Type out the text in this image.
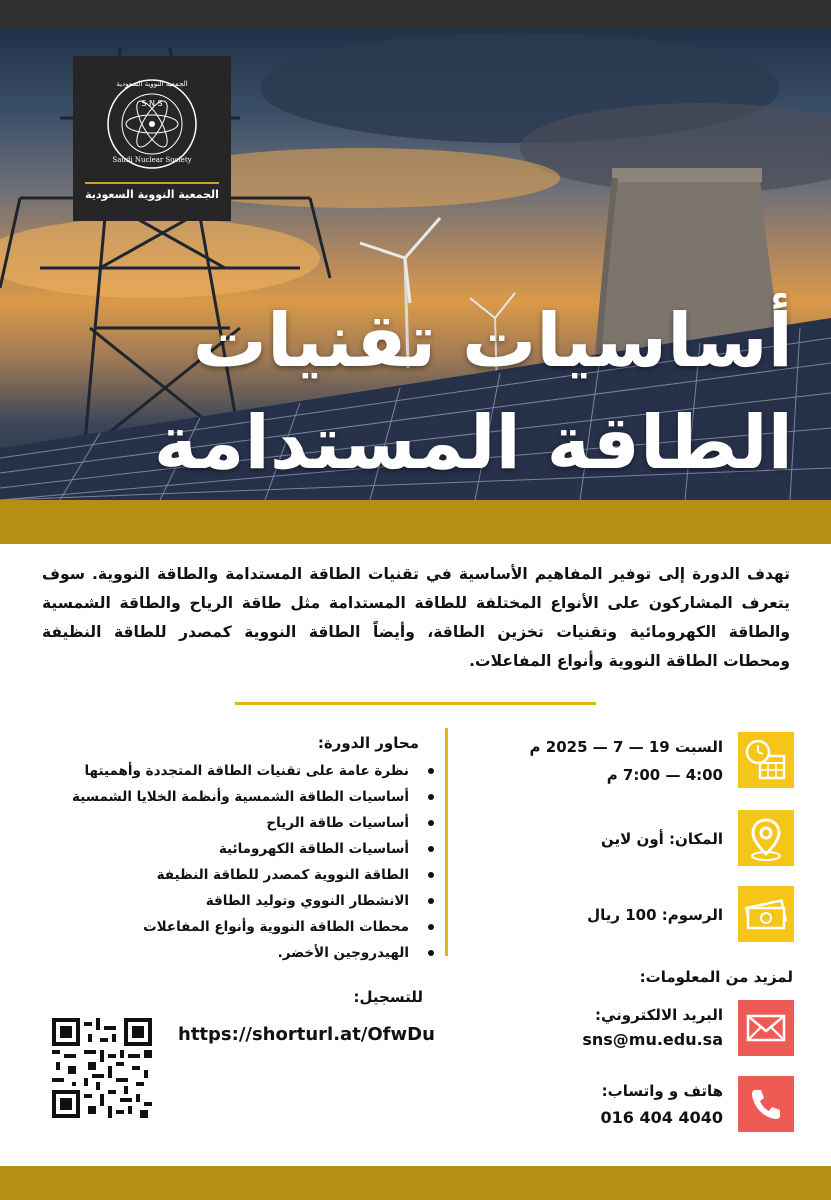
S N S
الجمعية النووية السعودية
Saudi Nuclear Society
الجمعية النووية السعودية
أساسيات تقنيات
الطاقة المستدامة
تهدف الدورة إلى توفير المفاهيم الأساسية في تقنيات الطاقة المستدامة والطاقة النووية. سوف يتعرف المشاركون على الأنواع المختلفة للطاقة المستدامة مثل طاقة الرياح والطاقة الشمسية والطاقة الكهرومائية وتقنيات تخزين الطاقة، وأيضاً الطاقة النووية كمصدر للطاقة النظيفة ومحطات الطاقة النووية وأنواع المفاعلات.
محاور الدورة:
نظرة عامة على تقنيات الطاقة المتجددة وأهميتها
أساسيات الطاقة الشمسية وأنظمة الخلايا الشمسية
أساسيات طاقة الرياح
أساسيات الطاقة الكهرومائية
الطاقة النووية كمصدر للطاقة النظيفة
الانشطار النووي وتوليد الطاقة
محطات الطاقة النووية وأنواع المفاعلات
الهيدروجين الأخضر.
للتسجيل:
https://shorturl.at/OfwDu
السبت 19 — 7 — 2025 م
4:00 — 7:00 م
المكان: أون لاين
الرسوم: 100 ريال
لمزيد من المعلومات:
البريد الالكتروني:
sns@mu.edu.sa
هاتف و واتساب:
016 404 4040
